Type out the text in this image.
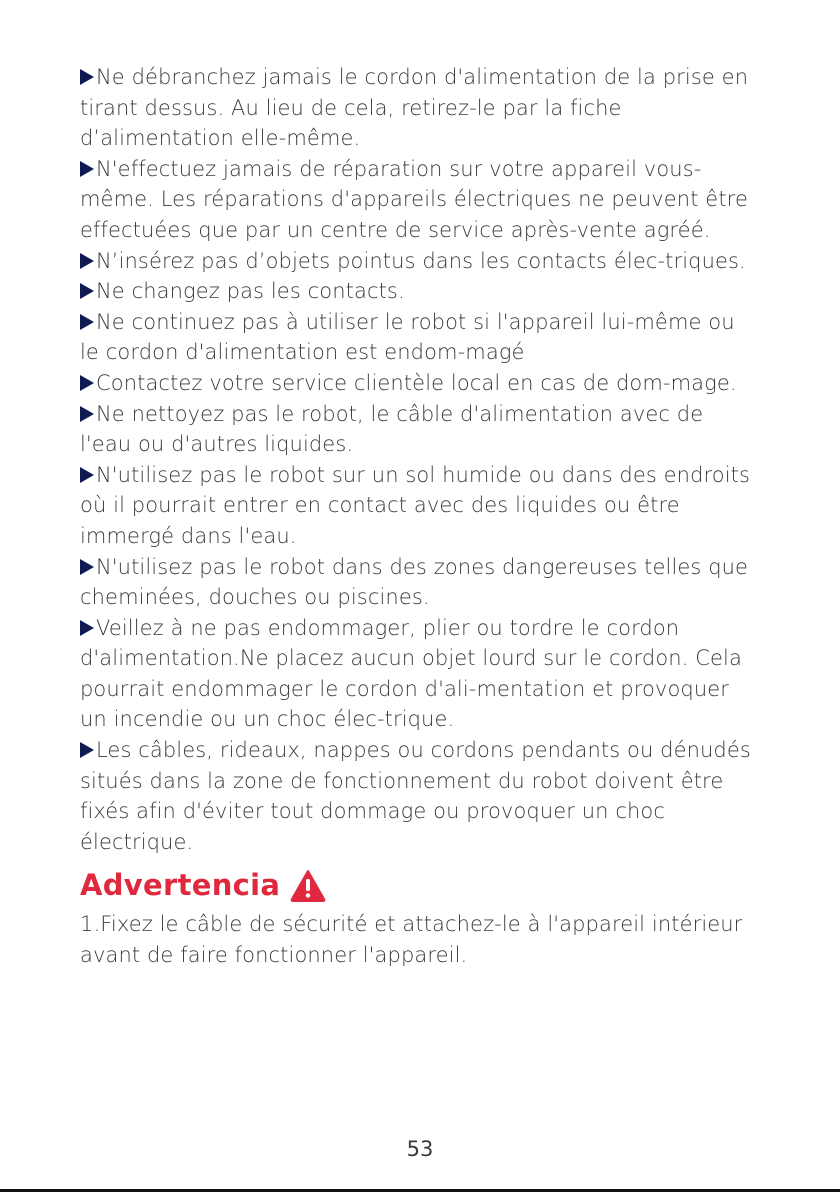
Ne débranchez jamais le cordon d'alimentation de la prise en tirant dessus. Au lieu de cela, retirez-le par la fiche d’alimentation elle-même.

N'effectuez jamais de réparation sur votre appareil vous-même. Les réparations d'appareils électriques ne peuvent être effectuées que par un centre de service après-vente agréé.

N’insérez pas d’objets pointus dans les contacts élec-triques.

Ne changez pas les contacts.

Ne continuez pas à utiliser le robot si l'appareil lui-même ou le cordon d'alimentation est endom-magé

Contactez votre service clientèle local en cas de dom-mage.

Ne nettoyez pas le robot, le câble d'alimentation avec de l'eau ou d'autres liquides.

N'utilisez pas le robot sur un sol humide ou dans des endroits où il pourrait entrer en contact avec des liquides ou être immergé dans l'eau.

N'utilisez pas le robot dans des zones dangereuses telles que cheminées, douches ou piscines.

Veillez à ne pas endommager, plier ou tordre le cordon d'alimentation.Ne placez aucun objet lourd sur le cordon. Cela pourrait endommager le cordon d'ali-mentation et provoquer un incendie ou un choc élec-trique.

Les câbles, rideaux, nappes ou cordons pendants ou dénudés situés dans la zone de fonctionnement du robot doivent être fixés afin d'éviter tout dommage ou provoquer un choc électrique.

Advertencia

1.Fixez le câble de sécurité et attachez-le à l'appareil intérieur avant de faire fonctionner l'appareil.

53
